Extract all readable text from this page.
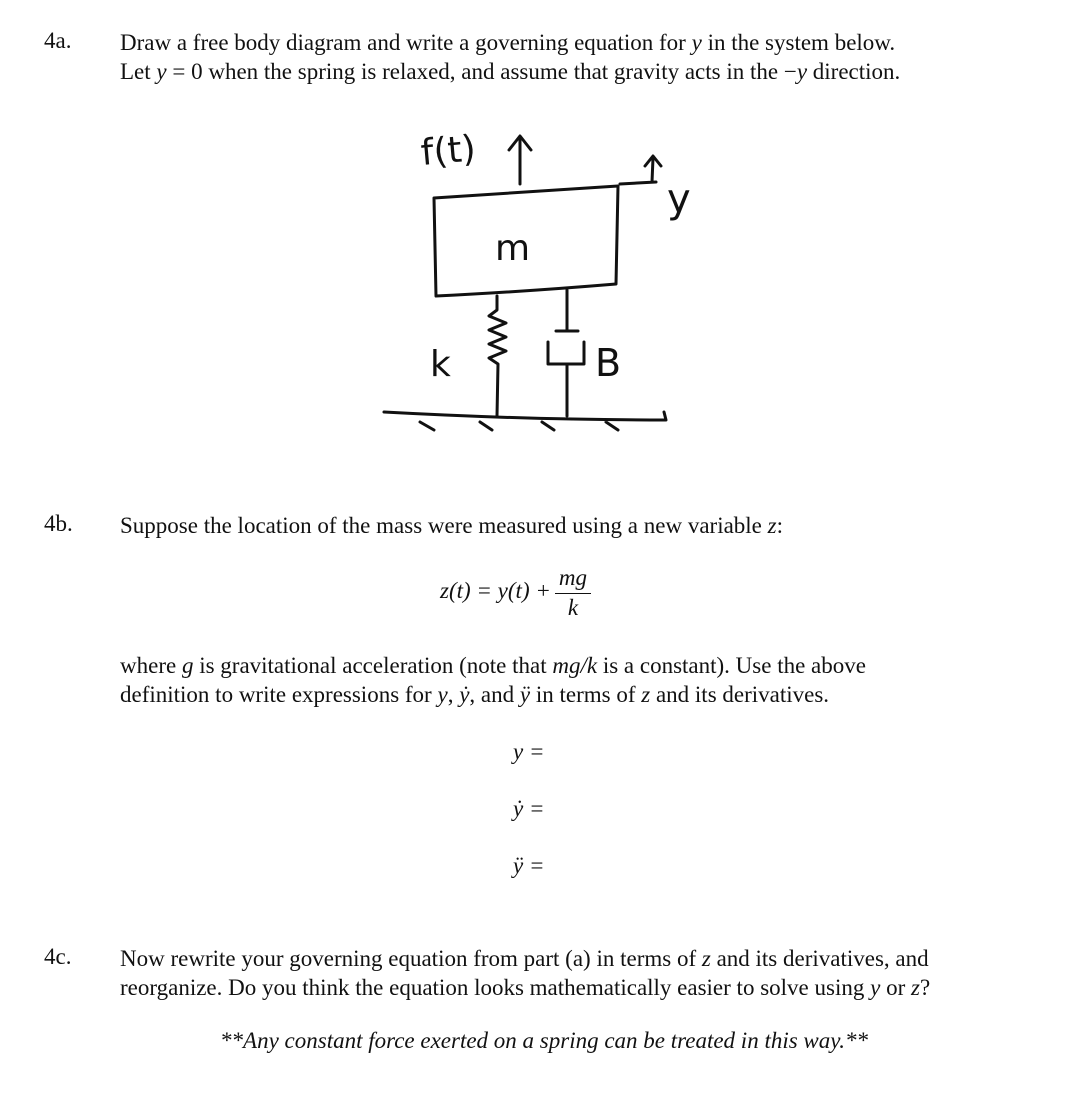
4a. Draw a free body diagram and write a governing equation for y in the system below.
Let y = 0 when the spring is relaxed, and assume that gravity acts in the −y direction.
f(t)
m
y
k	B
4b. Suppose the location of the mass were measured using a new variable z:
$z(t) = y(t) + \frac{mg}{k}$
where g is gravitational acceleration (note that mg/k is a constant). Use the above
definition to write expressions for y, ẏ, and ÿ in terms of z and its derivatives.
y =
ẏ =
ÿ =
4c. Now rewrite your governing equation from part (a) in terms of z and its derivatives, and
reorganize. Do you think the equation looks mathematically easier to solve using y or z?
**Any constant force exerted on a spring can be treated in this way.**
